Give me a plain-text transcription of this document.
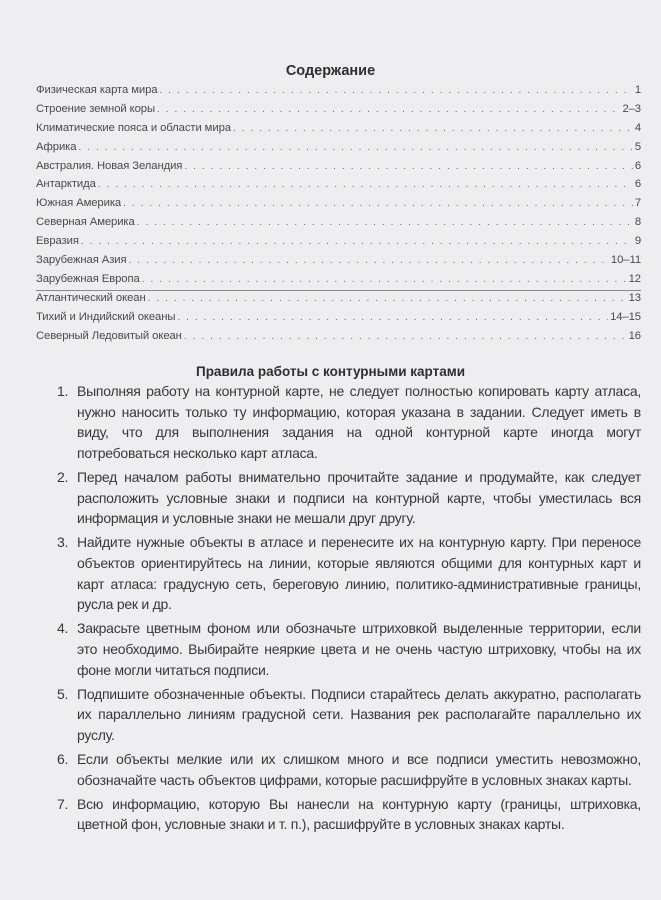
Содержание
Физическая карта мира . . .	1
Строение земной коры . . .	2–3
Климатические пояса и области мира . . .	4
Африка . . .	5
Австралия. Новая Зеландия . . .	6
Антарктида . . .	6
Южная Америка . . .	7
Северная Америка . . .	8
Евразия . . .	9
Зарубежная Азия . . .	10–11
Зарубежная Европа . . .	12
Атлантический океан . . .	13
Тихий и Индийский океаны . . .	14–15
Северный Ледовитый океан . . .	16
Правила работы с контурными картами
1. Выполняя работу на контурной карте, не следует полностью копировать карту атласа, нужно наносить только ту информацию, которая указана в задании. Следует иметь в виду, что для выполнения задания на одной контурной карте иногда могут потребоваться несколько карт атласа.
2. Перед началом работы внимательно прочитайте задание и продумайте, как следует расположить условные знаки и подписи на контурной карте, чтобы уместилась вся информация и условные знаки не мешали друг другу.
3. Найдите нужные объекты в атласе и перенесите их на контурную карту. При переносе объектов ориентируйтесь на линии, которые являются общими для контурных карт и карт атласа: градусную сеть, береговую линию, политико-административные границы, русла рек и др.
4. Закрасьте цветным фоном или обозначьте штриховкой выделенные территории, если это необходимо. Выбирайте неяркие цвета и не очень частую штриховку, чтобы на их фоне могли читаться подписи.
5. Подпишите обозначенные объекты. Подписи старайтесь делать аккуратно, располагать их параллельно линиям градусной сети. Названия рек располагайте параллельно их руслу.
6. Если объекты мелкие или их слишком много и все подписи уместить невозможно, обозначайте часть объектов цифрами, которые расшифруйте в условных знаках карты.
7. Всю информацию, которую Вы нанесли на контурную карту (границы, штриховка, цветной фон, условные знаки и т. п.), расшифруйте в условных знаках карты.
